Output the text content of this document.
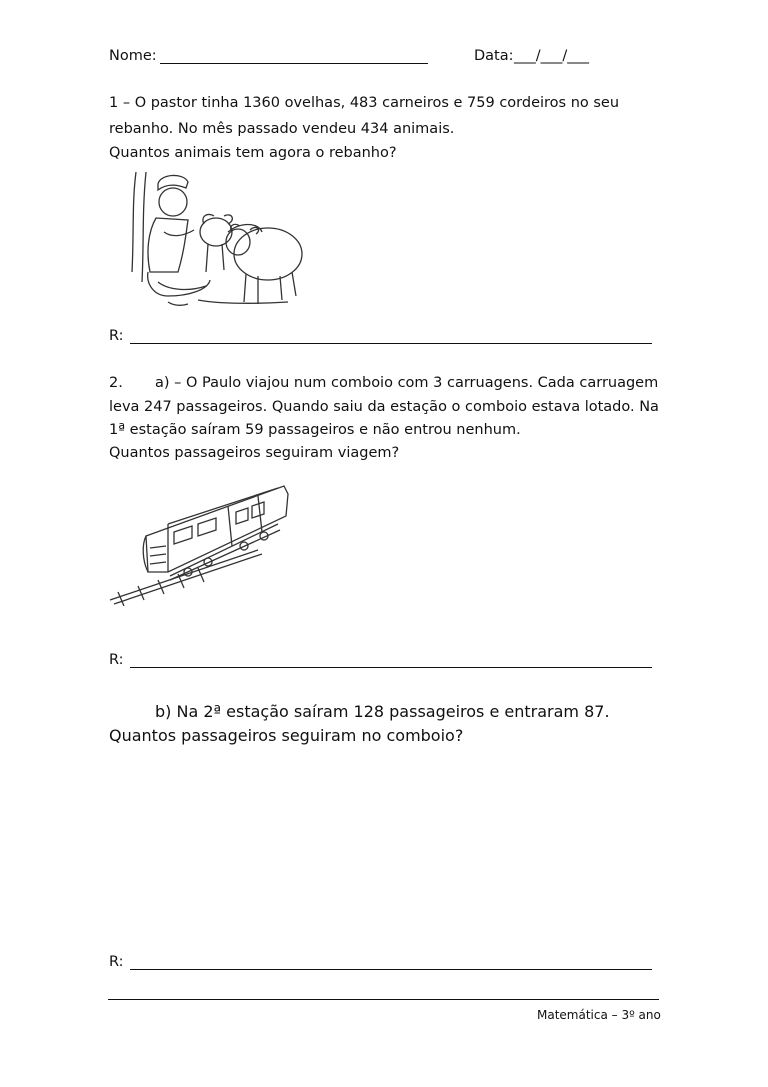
Nome:	Data: ___/___/___
1 – O pastor tinha 1360 ovelhas, 483 carneiros e 759 cordeiros no seu
rebanho. No mês passado vendeu 434 animais.
Quantos animais tem agora o rebanho?
R:
2. a) – O Paulo viajou num comboio com 3 carruagens. Cada carruagem
leva 247 passageiros. Quando saiu da estação o comboio estava lotado. Na
1ª estação saíram 59 passageiros e não entrou nenhum.
Quantos passageiros seguiram viagem?
R:
b) Na 2ª estação saíram 128 passageiros e entraram 87.
Quantos passageiros seguiram no comboio?
R:
Matemática – 3º ano
